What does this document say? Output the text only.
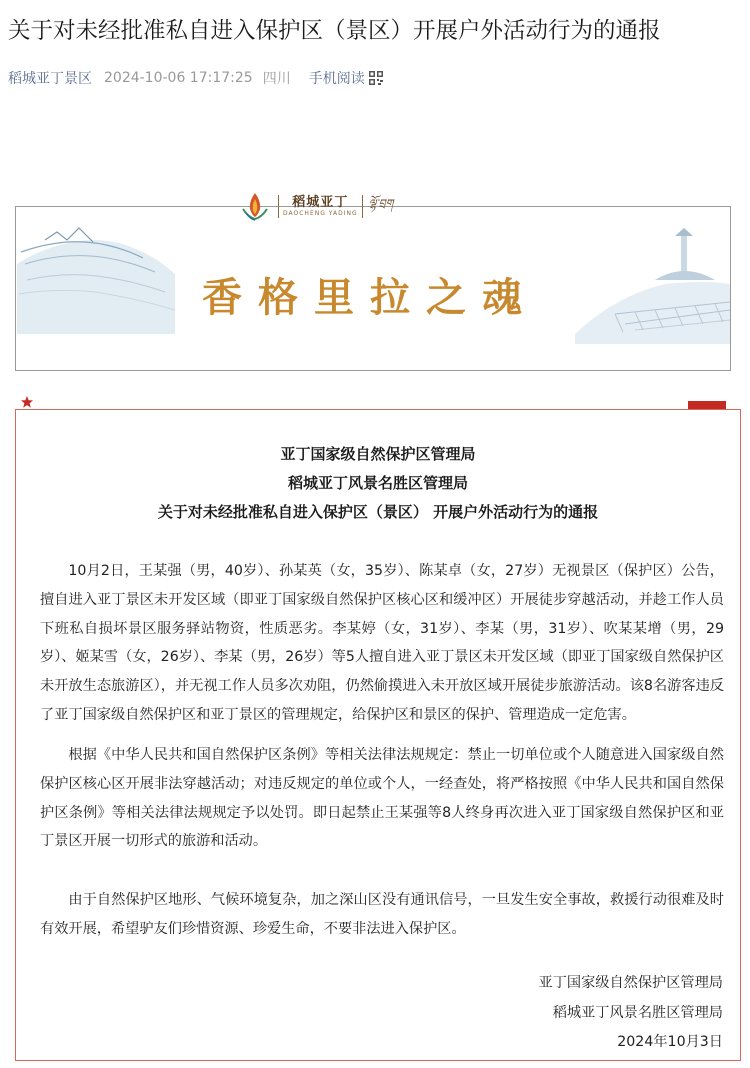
关于对未经批准私自进入保护区（景区）开展户外活动行为的通报
稻城亚丁景区 2024-10-06 17:17:25 四川 手机阅读
稻城亚丁
DAOCHENG YADING
ལྷོ་བྲག
香格里拉之魂
亚丁国家级自然保护区管理局
稻城亚丁风景名胜区管理局
关于对未经批准私自进入保护区（景区） 开展户外活动行为的通报

10月2日，王某强（男，40岁）、孙某英（女，35岁）、陈某卓（女，27岁）无视景区（保护区）公告，擅自进入亚丁景区未开发区域（即亚丁国家级自然保护区核心区和缓冲区）开展徒步穿越活动，并趁工作人员下班私自损坏景区服务驿站物资，性质恶劣。李某婷（女，31岁）、李某（男，31岁）、吹某某增（男，29岁）、姬某雪（女，26岁）、李某（男，26岁）等5人擅自进入亚丁景区未开发区域（即亚丁国家级自然保护区未开放生态旅游区），并无视工作人员多次劝阻，仍然偷摸进入未开放区域开展徒步旅游活动。该8名游客违反了亚丁国家级自然保护区和亚丁景区的管理规定，给保护区和景区的保护、管理造成一定危害。

根据《中华人民共和国自然保护区条例》等相关法律法规规定：禁止一切单位或个人随意进入国家级自然保护区核心区开展非法穿越活动；对违反规定的单位或个人，一经查处，将严格按照《中华人民共和国自然保护区条例》等相关法律法规规定予以处罚。即日起禁止王某强等8人终身再次进入亚丁国家级自然保护区和亚丁景区开展一切形式的旅游和活动。

由于自然保护区地形、气候环境复杂，加之深山区没有通讯信号，一旦发生安全事故，救援行动很难及时有效开展，希望驴友们珍惜资源、珍爱生命，不要非法进入保护区。

亚丁国家级自然保护区管理局
稻城亚丁风景名胜区管理局
2024年10月3日
